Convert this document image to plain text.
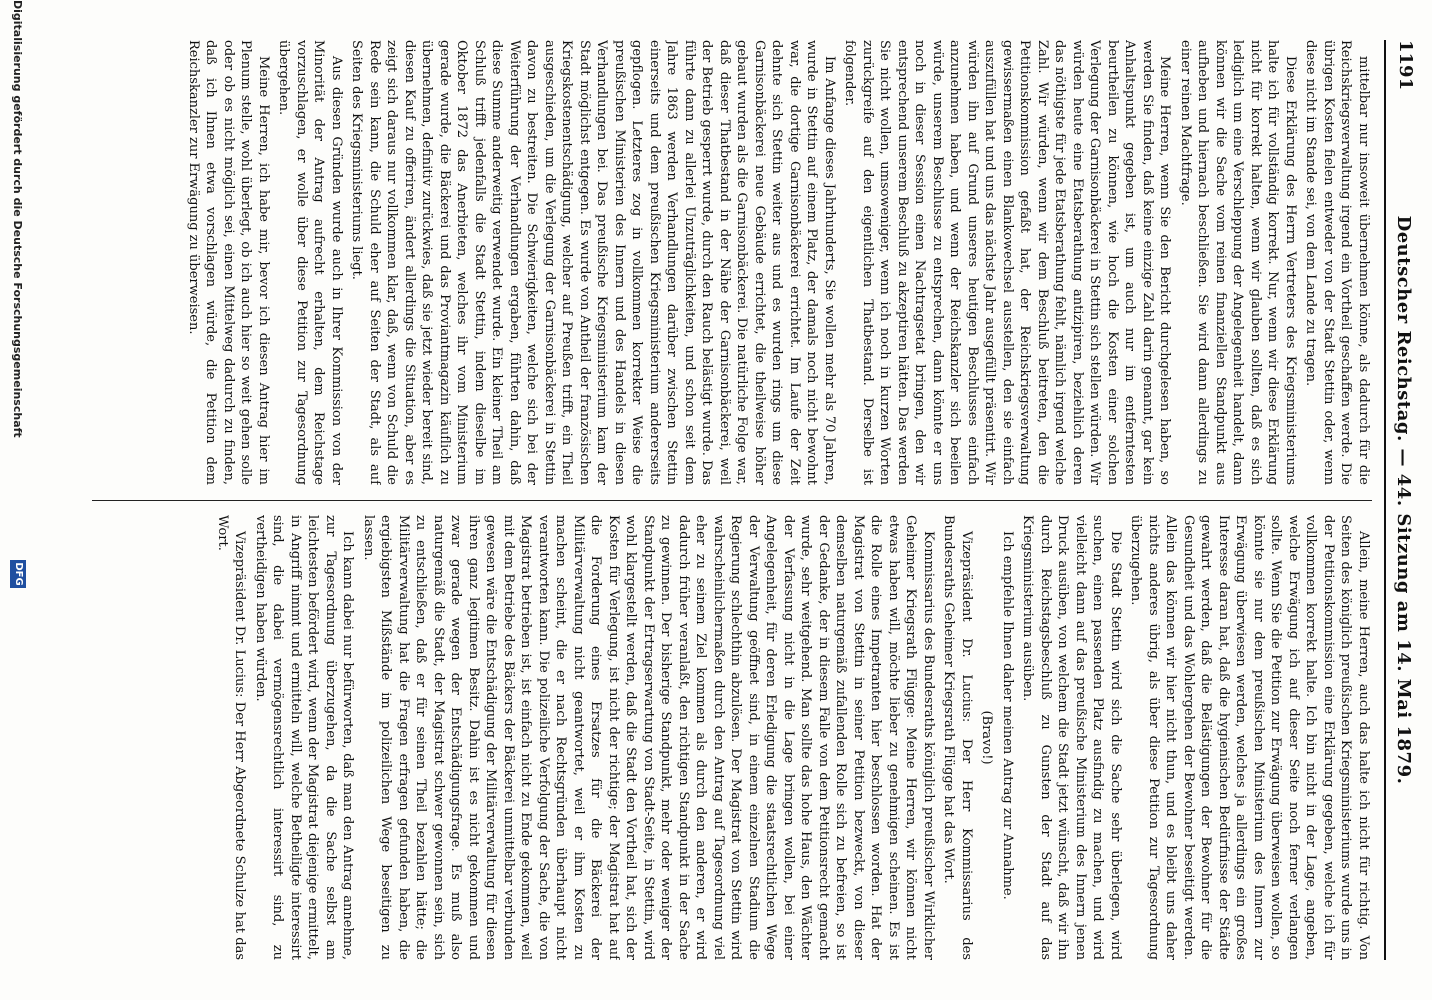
1191
Deutscher Reichstag. — 44. Sitzung am 14. Mai 1879.

mittelbar nur insoweit übernehmen könne, als dadurch für die Reichskriegsverwaltung irgend ein Vortheil geschaffen werde. Die übrigen Kosten fielen entweder von der Stadt Stettin oder, wenn diese nicht im Stande sei, von dem Lande zu tragen.

Diese Erklärung des Herrn Vertreters des Kriegsministeriums halte ich für vollständig korrekt. Nur, wenn wir diese Erklärung nicht für korrekt halten, wenn wir glauben sollten, daß es sich lediglich um eine Verschleppung der Angelegenheit handelt, dann können wir die Sache vom reinen finanziellen Standpunkt aus aufheben und hiernach beschließen. Sie wird dann allerdings zu einer reinen Machtfrage.

Meine Herren, wenn Sie den Bericht durchgelesen haben, so werden Sie finden, daß keine einzige Zahl darin genannt, gar kein Anhaltspunkt gegeben ist, um auch nur im entferntesten beurtheilen zu können, wie hoch die Kosten einer solchen Verlegung der Garnisonbäckerei in Stettin sich stellen würden. Wir würden heute eine Etatsberathung antizipiren, beziehlich deren das nöthigste für jede Etatsberathung fehlt, nämlich irgend welche Zahl. Wir würden, wenn wir dem Beschluß beitreten, den die Petitionskommission gefaßt hat, der Reichskriegsverwaltung gewissermaßen einen Blankowechsel ausstellen, den sie einfach auszufüllen hat und uns das nächste Jahr ausgefüllt präsentirt. Wir würden ihn auf Grund unseres heutigen Beschlusses einfach anzunehmen haben, und wenn der Reichskanzler sich beeilen würde, unserem Beschlusse zu entsprechen, dann könnte er uns noch in dieser Session einen Nachtragsetat bringen, den wir entsprechend unserem Beschluß zu akzeptiren hätten. Das werden Sie nicht wollen, umsoweniger, wenn ich noch in kurzen Worten zurückgreife auf den eigentlichen Thatbestand. Derselbe ist folgender.

Im Anfange dieses Jahrhunderts, Sie wollen mehr als 70 Jahren, wurde in Stettin auf einem Platz, der damals noch nicht bewohnt war, die dortige Garnisonbäckerei errichtet. Im Laufe der Zeit dehnte sich Stettin weiter aus und es wurden rings um diese Garnisonbäckerei neue Gebäude errichtet, die theilweise höher gebaut wurden als die Garnisonbäckerei. Die natürliche Folge war, daß dieser Thatbestand in der Nähe der Garnisonbäckerei, weil der Betrieb gesperrt wurde, durch den Rauch belästigt wurde. Das führte dann zu allerlei Unzuträglichkeiten, und schon seit dem Jahre 1863 werden Verhandlungen darüber zwischen Stettin einerseits und dem preußischen Kriegsministerium andererseits gepflogen. Letzteres zog in vollkommen korrekter Weise die preußischen Ministerien des Innern und des Handels in diesen Verhandlungen bei. Das preußische Kriegsministerium kam der Stadt möglichst entgegen. Es wurde von Antheil der französischen Kriegskostenentschädigung, welcher auf Preußen trifft, ein Theil ausgeschieden, um die Verlegung der Garnisonbäckerei in Stettin davon zu bestreiten. Die Schwierigkeiten, welche sich bei der Weiterführung der Verhandlungen ergaben, führten dahin, daß diese Summe anderweitig verwendet wurde. Ein kleiner Theil am Schluß trifft jedenfalls die Stadt Stettin, indem dieselbe im Oktober 1872 das Anerbieten, welches ihr vom Ministerium gerade wurde, die Bäckerei und das Proviantmagazin käuflich zu übernehmen, definitiv zurückwies, daß sie jetzt wieder bereit sind, diesen Kauf zu offeriren, ändert allerdings die Situation, aber es zeigt sich daraus nur vollkommen klar, daß, wenn von Schuld die Rede sein kann, die Schuld eher auf Seiten der Stadt, als auf Seiten des Kriegsministeriums liegt.

Aus diesen Gründen wurde auch in Ihrer Kommission von der Minorität der Antrag aufrecht erhalten, dem Reichstage vorzuschlagen, er wolle über diese Petition zur Tagesordnung übergehen.

Meine Herren, ich habe mir, bevor ich diesen Antrag hier im Plenum stelle, wohl überlegt, ob ich auch hier so weit gehen solle oder ob es nicht möglich sei, einen Mittelweg dadurch zu finden, daß ich Ihnen etwa vorschlagen würde, die Petition dem Reichskanzler zur Erwägung zu überweisen.

Allein, meine Herren, auch das halte ich nicht für richtig. Von Seiten des königlich preußischen Kriegsministeriums wurde uns in der Petitionskommission eine Erklärung gegeben, welche ich für vollkommen korrekt halte. Ich bin nicht in der Lage, angeben, welche Erwägung ich auf dieser Seite noch ferner verlangen sollte. Wenn Sie die Petition zur Erwägung überweisen wollen, so könnte sie nur dem preußischen Ministerium des Innern zur Erwägung überwiesen werden, welches ja allerdings ein großes Interesse daran hat, daß die hygienischen Bedürfnisse der Städte gewahrt werden, daß die Belästigungen der Bewohner für die Gesundheit und das Wohlergehen der Bewohner beseitigt werden. Allein das können wir hier nicht thun, und es bleibt uns daher nichts anderes übrig, als über diese Petition zur Tagesordnung überzugehen.

Die Stadt Stettin wird sich die Sache sehr überlegen, wird suchen, einen passenden Platz ausfindig zu machen, und wird vielleicht dann auf das preußische Ministerium des Innern jenen Druck ausüben, von welchem die Stadt jetzt wünscht, daß wir ihn durch Reichstagsbeschluß zu Gunsten der Stadt auf das Kriegsministerium ausüben.

Ich empfehle Ihnen daher meinen Antrag zur Annahme.

(Bravo!)

Vizepräsident Dr. Lucius: Der Herr Kommissarius des Bundesraths Geheimer Kriegsrath Flügge hat das Wort.

Kommissarius des Bundesraths königlich preußischer Wirklicher Geheimer Kriegsrath Flügge: Meine Herren, wir können nicht etwas haben will, möchte lieber zu genehmigen scheinen. Es ist die Rolle eines Impetranten hier beschlossen worden. Hat der Magistrat von Stettin in seiner Petition bezweckt, von dieser demselben naturgemäß zufallenden Rolle sich zu befreien, so ist der Gedanke, der in diesem Falle von dem Petitionsrecht gemacht wurde, sehr weitgehend. Man sollte das hohe Haus, den Wächter der Verfassung nicht in die Lage bringen wollen, bei einer Angelegenheit, für deren Erledigung die staatsrechtlichen Wege der Verwaltung geöffnet sind, in einem einzelnen Stadium die Regierung schlechthin abzulösen. Der Magistrat von Stettin wird wahrscheinlichermaßen durch den Antrag auf Tagesordnung viel eher zu seinem Ziel kommen als durch den anderen, er wird dadurch früher veranlaßt, den richtigen Standpunkt in der Sache zu gewinnen. Der bisherige Standpunkt, mehr oder weniger der Standpunkt der Ertragserwartung von Stadt-Seite, in Stettin, wird wohl klargestellt werden, daß die Stadt den Vortheil hat, sich der Kosten für Verlegung, ist nicht der richtige; der Magistrat hat auf die Forderung eines Ersatzes für die Bäckerei der Militärverwaltung nicht geantwortet, weil er ihm Kosten zu machen scheint, die er nach Rechtsgründen überhaupt nicht verantworten kann. Die polizeiliche Verfolgung der Sache, die von Magistrat betrieben ist, ist einfach nicht zu Ende gekommen, weil mit dem Betriebe des Bäckers der Bäckerei unmittelbar verbunden gewesen wäre die Entschädigung der Militärverwaltung für diesen ihren ganz legitimen Besitz. Dahin ist es nicht gekommen und zwar gerade wegen der Entschädigungsfrage. Es muß also naturgemäß die Stadt, der Magistrat schwer gewonnen sein, sich zu entschließen, daß er für seinen Theil bezahlen hätte; die Militärverwaltung hat die Fragen erfragen gefunden haben, die ergiebigsten Mißstände im polizeilichen Wege beseitigen zu lassen.

Ich kann dabei nur befürworten, daß man den Antrag annehme, zur Tagesordnung überzugehen, da die Sache selbst am leichtesten befördert wird, wenn der Magistrat diejenige ermittelt, in Angriff nimmt und ermitteln will, welche Betheiligte interessirt sind, die dabei vermögensrechtlich interessirt sind, zu vertheidigen haben würden.

Vizepräsident Dr. Lucius: Der Herr Abgeordnete Schulze hat das Wort.

Digitalisierung gefördert durch die Deutsche Forschungsgemeinschaft
DFG
